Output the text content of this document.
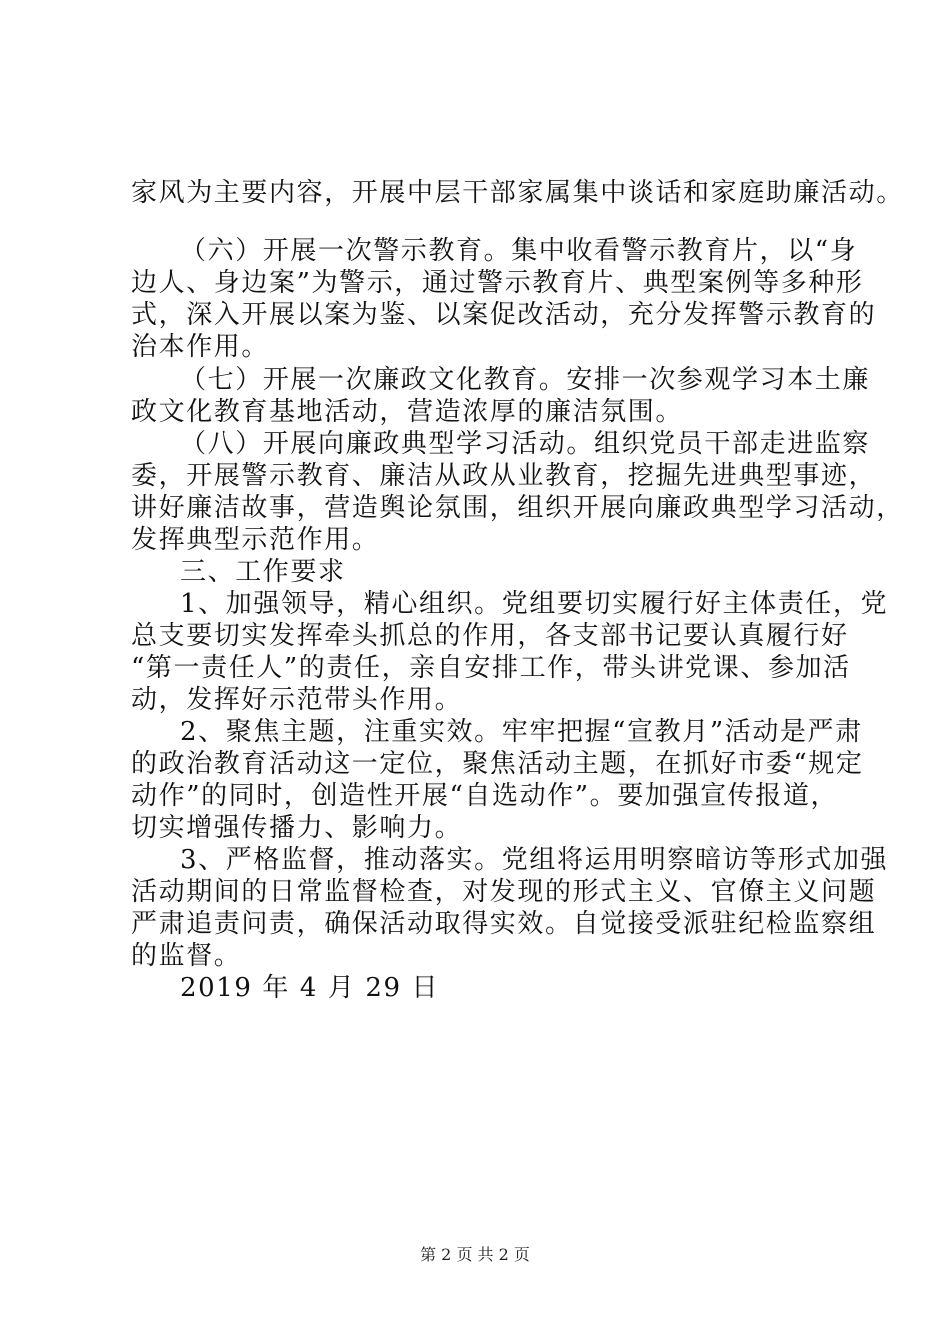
家风为主要内容，开展中层干部家属集中谈话和家庭助廉活动。
（六）开展一次警示教育。集中收看警示教育片，以“身
边人、身边案”为警示，通过警示教育片、典型案例等多种形
式，深入开展以案为鉴、以案促改活动，充分发挥警示教育的
治本作用。
（七）开展一次廉政文化教育。安排一次参观学习本土廉
政文化教育基地活动，营造浓厚的廉洁氛围。
（八）开展向廉政典型学习活动。组织党员干部走进监察
委，开展警示教育、廉洁从政从业教育，挖掘先进典型事迹，
讲好廉洁故事，营造舆论氛围，组织开展向廉政典型学习活动，
发挥典型示范作用。
三、工作要求
1、加强领导，精心组织。党组要切实履行好主体责任，党
总支要切实发挥牵头抓总的作用，各支部书记要认真履行好
“第一责任人”的责任，亲自安排工作，带头讲党课、参加活
动，发挥好示范带头作用。
2、聚焦主题，注重实效。牢牢把握“宣教月”活动是严肃
的政治教育活动这一定位，聚焦活动主题，在抓好市委“规定
动作”的同时，创造性开展“自选动作”。要加强宣传报道，
切实增强传播力、影响力。
3、严格监督，推动落实。党组将运用明察暗访等形式加强
活动期间的日常监督检查，对发现的形式主义、官僚主义问题
严肃追责问责，确保活动取得实效。自觉接受派驻纪检监察组
的监督。
2019 年 4 月 29 日
第 2 页 共 2 页
